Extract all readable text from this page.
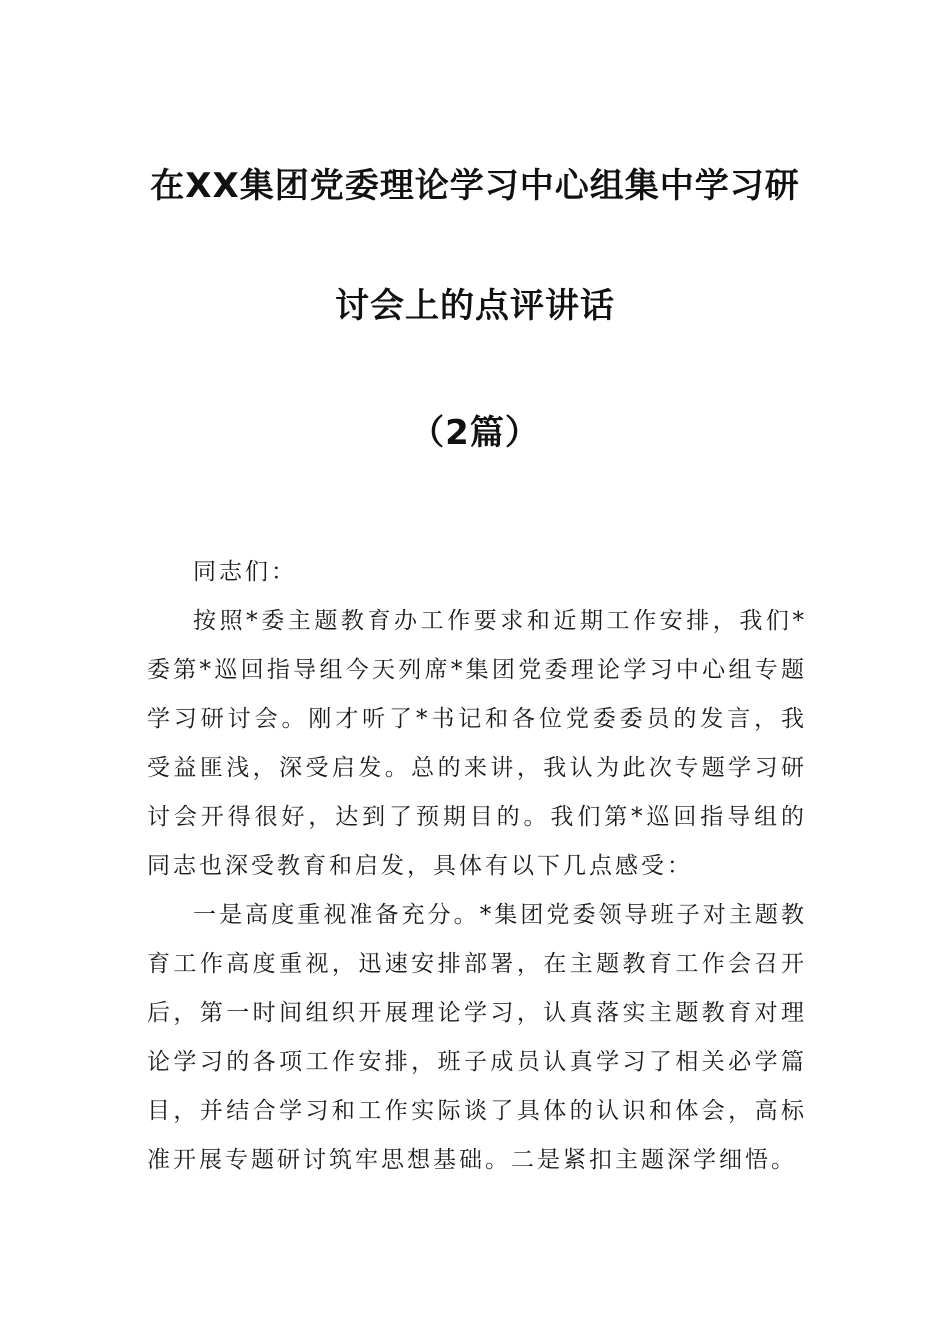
在XX集团党委理论学习中心组集中学习研
讨会上的点评讲话
（2篇）

同志们：

按照*委主题教育办工作要求和近期工作安排，我们*委第*巡回指导组今天列席*集团党委理论学习中心组专题学习研讨会。刚才听了*书记和各位党委委员的发言，我受益匪浅，深受启发。总的来讲，我认为此次专题学习研讨会开得很好，达到了预期目的。我们第*巡回指导组的同志也深受教育和启发，具体有以下几点感受：

一是高度重视准备充分。*集团党委领导班子对主题教育工作高度重视，迅速安排部署，在主题教育工作会召开后，第一时间组织开展理论学习，认真落实主题教育对理论学习的各项工作安排，班子成员认真学习了相关必学篇目，并结合学习和工作实际谈了具体的认识和体会，高标准开展专题研讨筑牢思想基础。二是紧扣主题深学细悟。
